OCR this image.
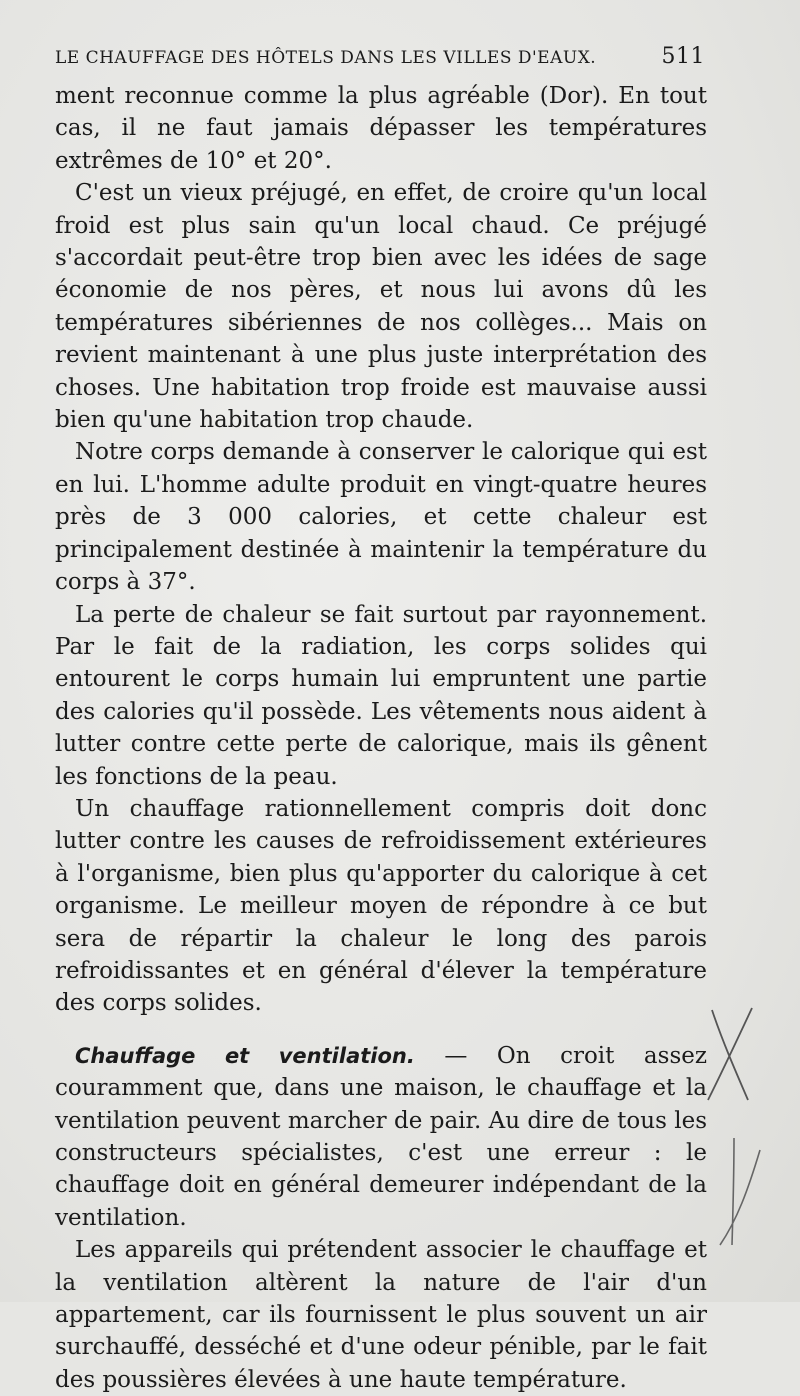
LE CHAUFFAGE DES HÔTELS DANS LES VILLES D'EAUX.	511

ment reconnue comme la plus agréable (Dor). En tout cas, il ne faut jamais dépasser les températures extrêmes de 10° et 20°.

C'est un vieux préjugé, en effet, de croire qu'un local froid est plus sain qu'un local chaud. Ce préjugé s'accordait peut-être trop bien avec les idées de sage économie de nos pères, et nous lui avons dû les températures sibériennes de nos collèges... Mais on revient maintenant à une plus juste interprétation des choses. Une habitation trop froide est mauvaise aussi bien qu'une habitation trop chaude.

Notre corps demande à conserver le calorique qui est en lui. L'homme adulte produit en vingt-quatre heures près de 3 000 calories, et cette chaleur est principalement destinée à maintenir la température du corps à 37°.

La perte de chaleur se fait surtout par rayonnement. Par le fait de la radiation, les corps solides qui entourent le corps humain lui empruntent une partie des calories qu'il possède. Les vêtements nous aident à lutter contre cette perte de calorique, mais ils gênent les fonctions de la peau.

Un chauffage rationnellement compris doit donc lutter contre les causes de refroidissement extérieures à l'organisme, bien plus qu'apporter du calorique à cet organisme. Le meilleur moyen de répondre à ce but sera de répartir la chaleur le long des parois refroidissantes et en général d'élever la température des corps solides.

Chauffage et ventilation. — On croit assez couramment que, dans une maison, le chauffage et la ventilation peuvent marcher de pair. Au dire de tous les constructeurs spécialistes, c'est une erreur : le chauffage doit en général demeurer indépendant de la ventilation.

Les appareils qui prétendent associer le chauffage et la ventilation altèrent la nature de l'air d'un appartement, car ils fournissent le plus souvent un air surchauffé, desséché et d'une odeur pénible, par le fait des poussières élevées à une haute température.
